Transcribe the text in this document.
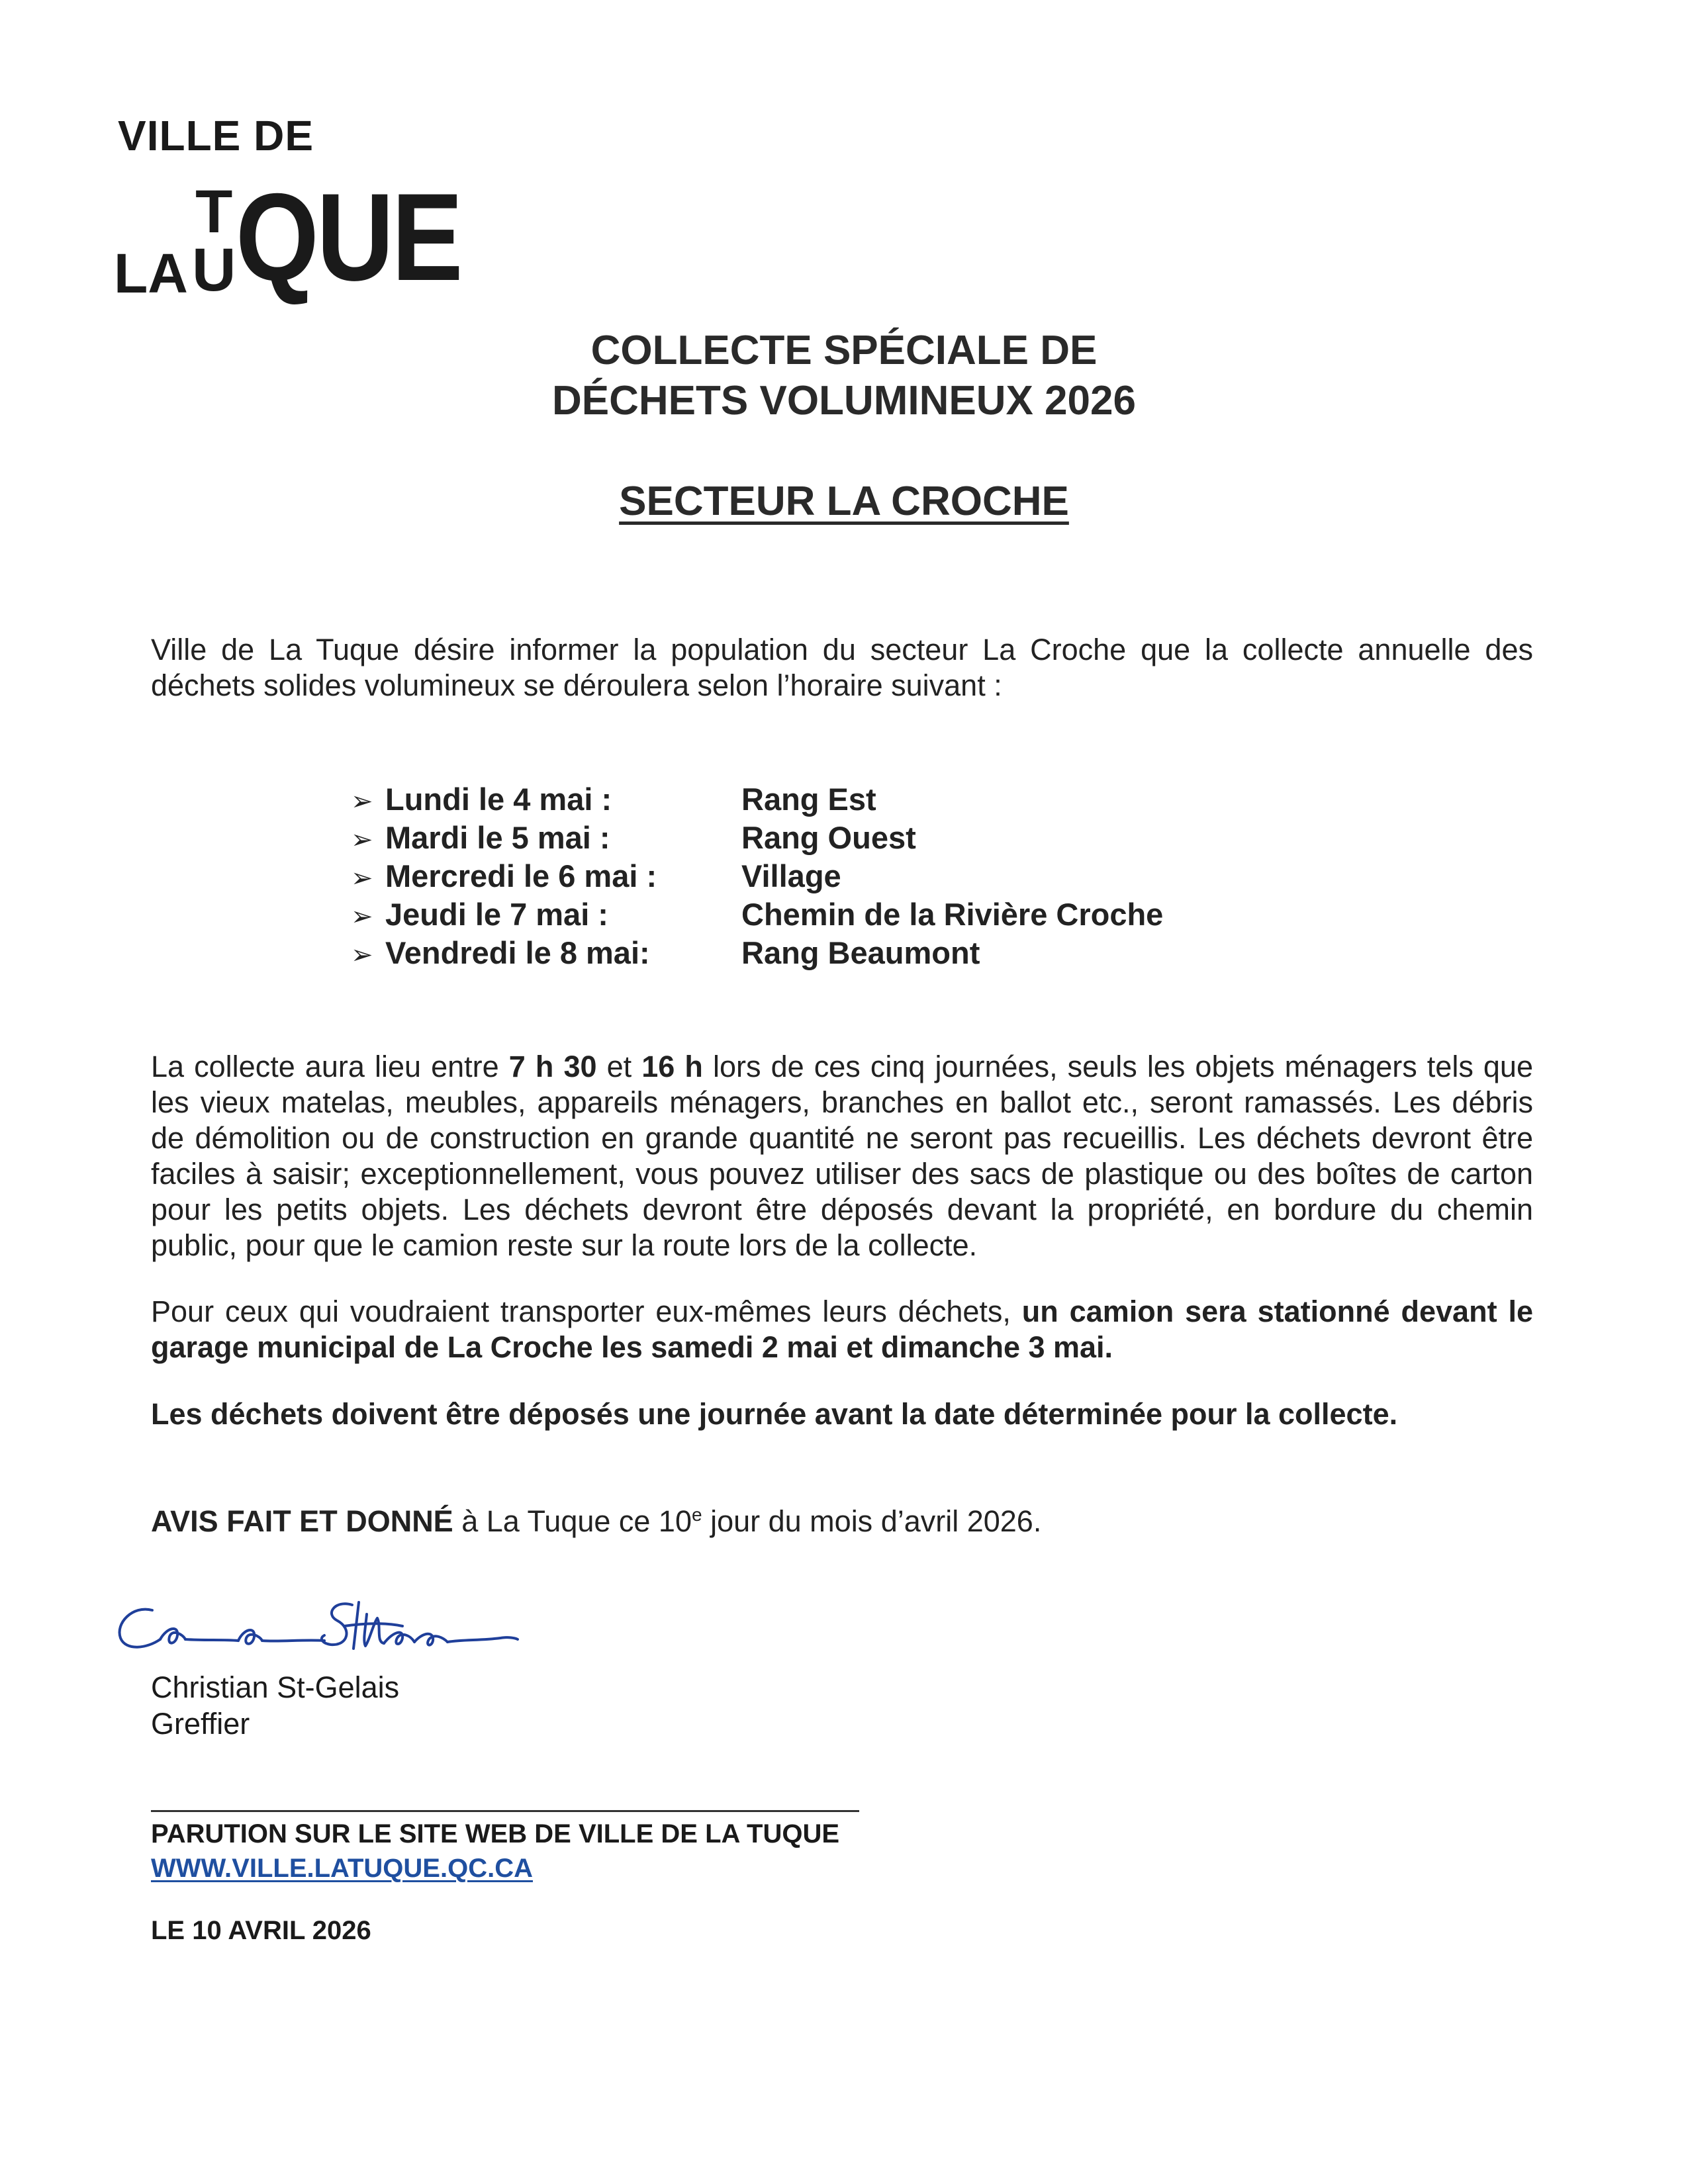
VILLE DE
LA
T
U QUE
COLLECTE SPÉCIALE DE
DÉCHETS VOLUMINEUX 2026
SECTEUR LA CROCHE
Ville de La Tuque désire informer la population du secteur La Croche que la collecte annuelle des déchets solides volumineux se déroulera selon l’horaire suivant :
➢ Lundi le 4 mai :	Rang Est
➢ Mardi le 5 mai :	Rang Ouest
➢ Mercredi le 6 mai :	Village
➢ Jeudi le 7 mai :	Chemin de la Rivière Croche
➢ Vendredi le 8 mai:	Rang Beaumont
La collecte aura lieu entre 7 h 30 et 16 h lors de ces cinq journées, seuls les objets ménagers tels que les vieux matelas, meubles, appareils ménagers, branches en ballot etc., seront ramassés. Les débris de démolition ou de construction en grande quantité ne seront pas recueillis. Les déchets devront être faciles à saisir; exceptionnellement, vous pouvez utiliser des sacs de plastique ou des boîtes de carton pour les petits objets. Les déchets devront être déposés devant la propriété, en bordure du chemin public, pour que le camion reste sur la route lors de la collecte.
Pour ceux qui voudraient transporter eux-mêmes leurs déchets, un camion sera stationné devant le garage municipal de La Croche les samedi 2 mai et dimanche 3 mai.
Les déchets doivent être déposés une journée avant la date déterminée pour la collecte.
AVIS FAIT ET DONNÉ à La Tuque ce 10e jour du mois d’avril 2026.
Christian St-Gelais
Greffier
PARUTION SUR LE SITE WEB DE VILLE DE LA TUQUE
WWW.VILLE.LATUQUE.QC.CA
LE 10 AVRIL 2026
